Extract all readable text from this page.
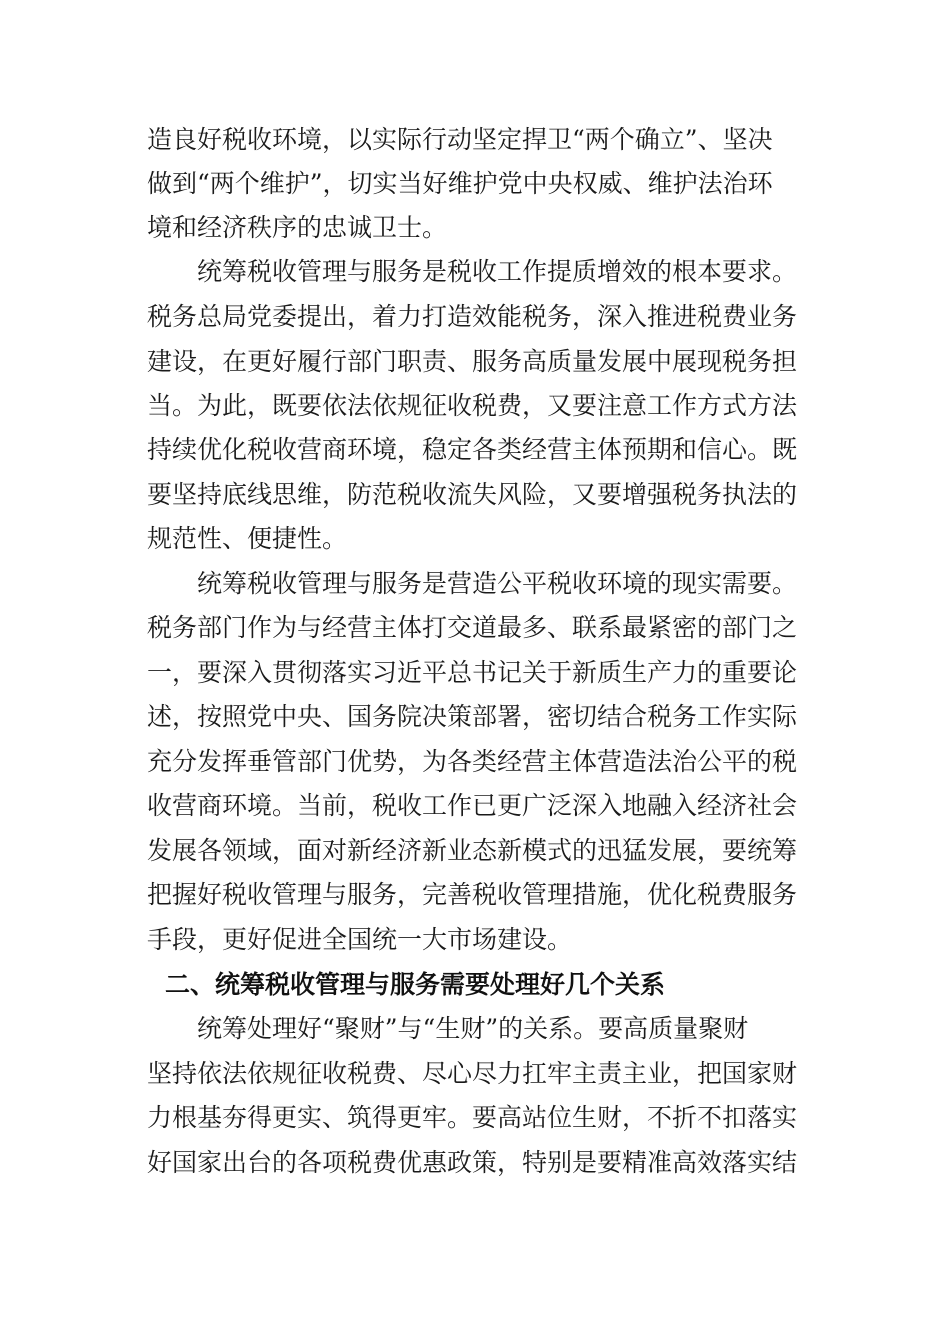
造良好税收环境，以实际行动坚定捍卫“两个确立”、坚决
做到“两个维护”，切实当好维护党中央权威、维护法治环
境和经济秩序的忠诚卫士。
统筹税收管理与服务是税收工作提质增效的根本要求。
税务总局党委提出，着力打造效能税务，深入推进税费业务
建设，在更好履行部门职责、服务高质量发展中展现税务担
当。为此，既要依法依规征收税费，又要注意工作方式方法
持续优化税收营商环境，稳定各类经营主体预期和信心。既
要坚持底线思维，防范税收流失风险，又要增强税务执法的
规范性、便捷性。
统筹税收管理与服务是营造公平税收环境的现实需要。
税务部门作为与经营主体打交道最多、联系最紧密的部门之
一，要深入贯彻落实习近平总书记关于新质生产力的重要论
述，按照党中央、国务院决策部署，密切结合税务工作实际
充分发挥垂管部门优势，为各类经营主体营造法治公平的税
收营商环境。当前，税收工作已更广泛深入地融入经济社会
发展各领域，面对新经济新业态新模式的迅猛发展，要统筹
把握好税收管理与服务，完善税收管理措施，优化税费服务
手段，更好促进全国统一大市场建设。
二、统筹税收管理与服务需要处理好几个关系
统筹处理好“聚财”与“生财”的关系。要高质量聚财
坚持依法依规征收税费、尽心尽力扛牢主责主业，把国家财
力根基夯得更实、筑得更牢。要高站位生财，不折不扣落实
好国家出台的各项税费优惠政策，特别是要精准高效落实结
